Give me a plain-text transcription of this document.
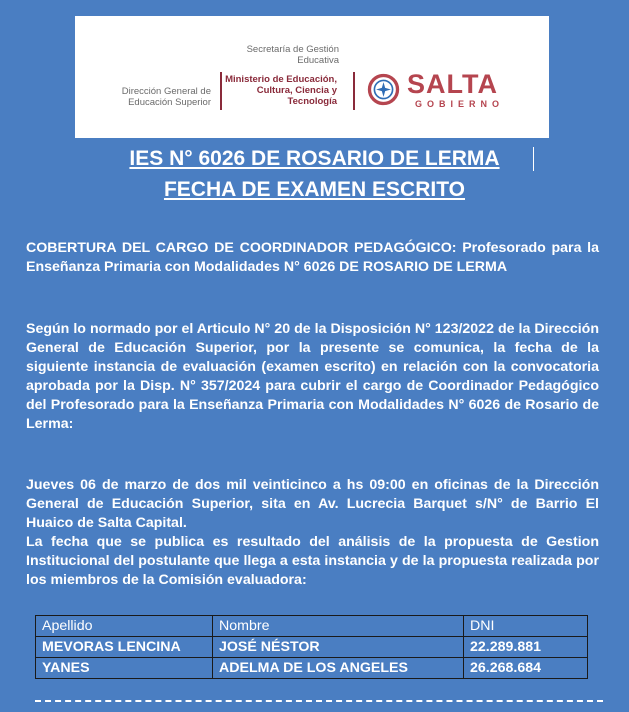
Secretaría de Gestión Educativa
Dirección General de Educación Superior
Ministerio de Educación, Cultura, Ciencia y Tecnología
SALTA
GOBIERNO
IES N° 6026 DE ROSARIO DE LERMA
FECHA DE EXAMEN ESCRITO
COBERTURA DEL CARGO DE COORDINADOR PEDAGÓGICO: Profesorado para la Enseñanza Primaria con Modalidades N° 6026 DE ROSARIO DE LERMA
Según lo normado por el Articulo N° 20 de la Disposición N° 123/2022 de la Dirección General de Educación Superior, por la presente se comunica, la fecha de la siguiente instancia de evaluación (examen escrito) en relación con la convocatoria aprobada por la Disp. N° 357/2024 para cubrir el cargo de Coordinador Pedagógico del Profesorado para la Enseñanza Primaria con Modalidades N° 6026 de Rosario de Lerma:
Jueves 06 de marzo de dos mil veinticinco a hs 09:00 en oficinas de la Dirección General de Educación Superior, sita en Av. Lucrecia Barquet s/N° de Barrio El Huaico de Salta Capital.
La fecha que se publica es resultado del análisis de la propuesta de Gestion Institucional del postulante que llega a esta instancia y de la propuesta realizada por los miembros de la Comisión evaluadora:
Apellido	Nombre	DNI
MEVORAS LENCINA	JOSÉ NÉSTOR	22.289.881
YANES	ADELMA DE LOS ANGELES	26.268.684
